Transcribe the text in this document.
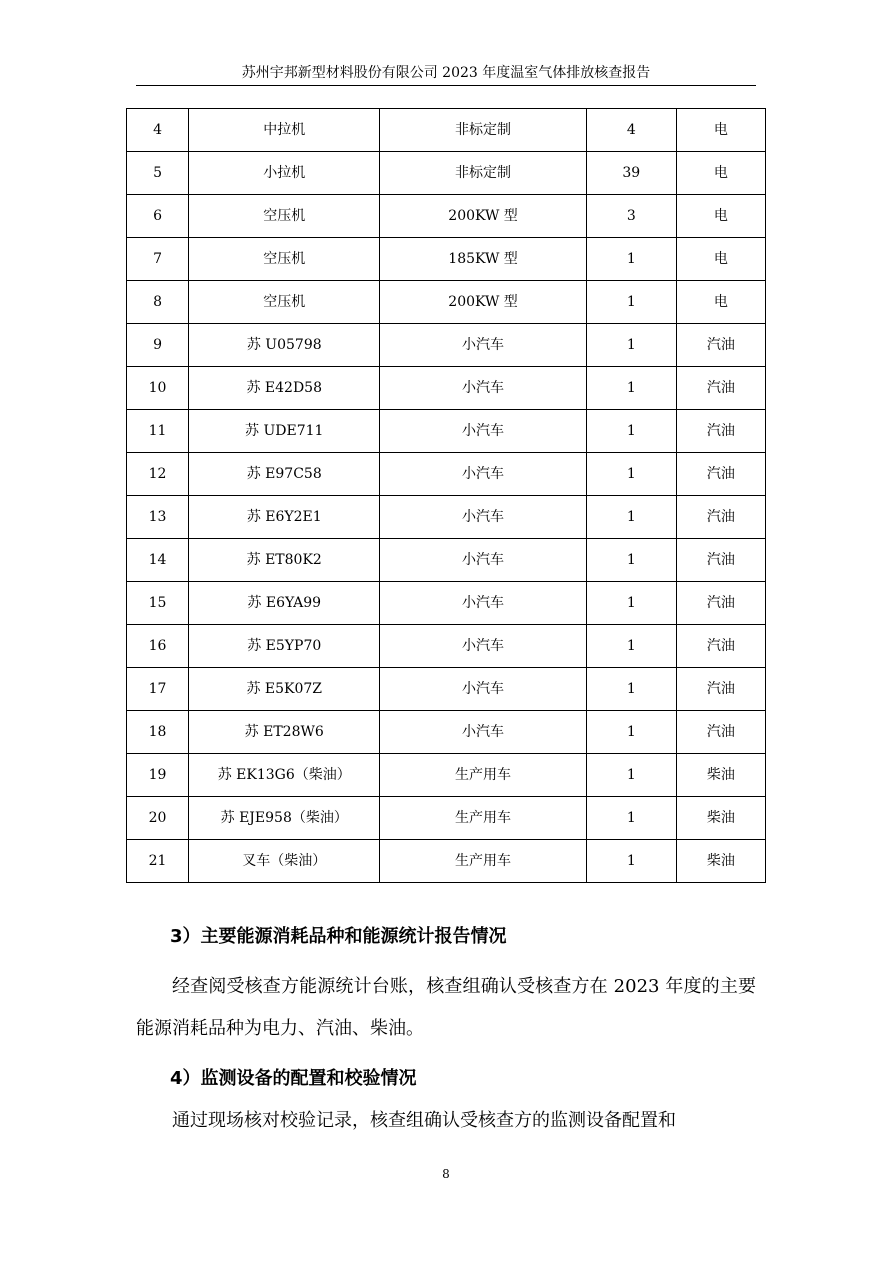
苏州宇邦新型材料股份有限公司 2023 年度温室气体排放核查报告
4	中拉机	非标定制	4	电
5	小拉机	非标定制	39	电
6	空压机	200KW 型	3	电
7	空压机	185KW 型	1	电
8	空压机	200KW 型	1	电
9	苏 U05798	小汽车	1	汽油
10	苏 E42D58	小汽车	1	汽油
11	苏 UDE711	小汽车	1	汽油
12	苏 E97C58	小汽车	1	汽油
13	苏 E6Y2E1	小汽车	1	汽油
14	苏 ET80K2	小汽车	1	汽油
15	苏 E6YA99	小汽车	1	汽油
16	苏 E5YP70	小汽车	1	汽油
17	苏 E5K07Z	小汽车	1	汽油
18	苏 ET28W6	小汽车	1	汽油
19	苏 EK13G6（柴油）	生产用车	1	柴油
20	苏 EJE958（柴油）	生产用车	1	柴油
21	叉车（柴油）	生产用车	1	柴油
3）主要能源消耗品种和能源统计报告情况
经查阅受核查方能源统计台账，核查组确认受核查方在 2023 年度的主要能源消耗品种为电力、汽油、柴油。
4）监测设备的配置和校验情况
通过现场核对校验记录，核查组确认受核查方的监测设备配置和
8
